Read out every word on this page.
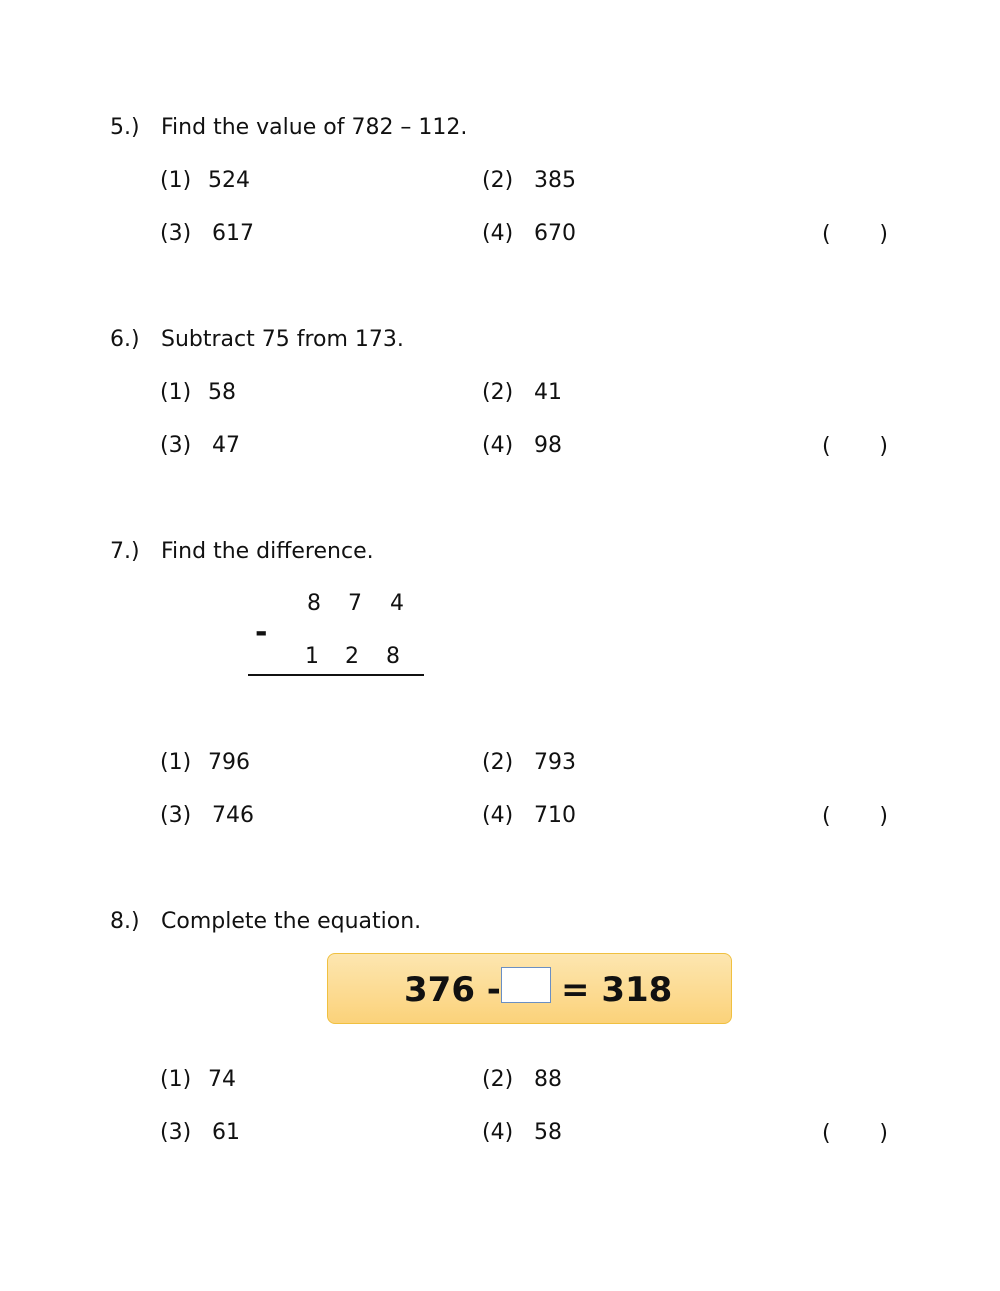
5.) Find the value of 782 – 112.
(1) 524	(2) 385
(3) 617	(4) 670	( )
6.) Subtract 75 from 173.
(1) 58	(2) 41
(3) 47	(4) 98	( )
7.) Find the difference.
8 7 4
-
1 2 8
(1) 796	(2) 793
(3) 746	(4) 710	( )
8.) Complete the equation.
376 - = 318
(1) 74	(2) 88
(3) 61	(4) 58	( )
